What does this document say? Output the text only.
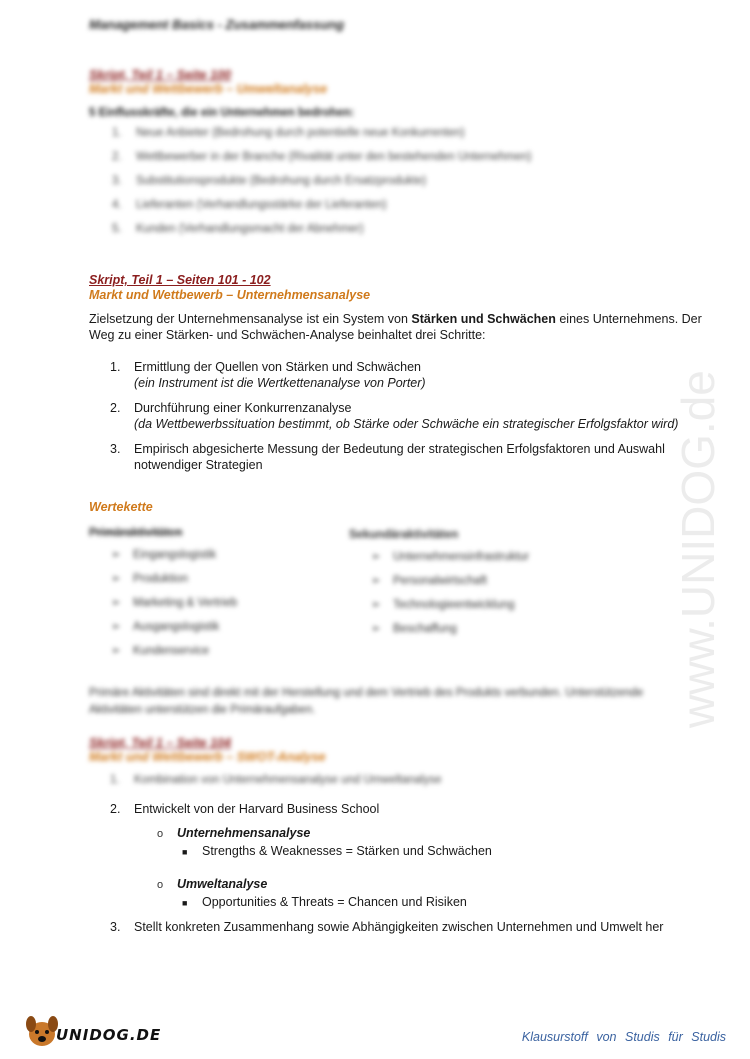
Management Basics - Zusammenfassung
Skript, Teil 1 – Seite 100
Markt und Wettbewerb – Umweltanalyse
5 Einflusskräfte, die ein Unternehmen bedrohen:
1.	Neue Anbieter (Bedrohung durch potentielle neue Konkurrenten)
2.	Wettbewerber in der Branche (Rivalität unter den bestehenden Unternehmen)
3.	Substitutionsprodukte (Bedrohung durch Ersatzprodukte)
4.	Lieferanten (Verhandlungsstärke der Lieferanten)
5.	Kunden (Verhandlungsmacht der Abnehmer)
Skript, Teil 1 – Seiten 101 - 102
Markt und Wettbewerb – Unternehmensanalyse
Zielsetzung der Unternehmensanalyse ist ein System von Stärken und Schwächen eines Unternehmens. Der Weg zu einer Stärken- und Schwächen-Analyse beinhaltet drei Schritte:
1.	Ermittlung der Quellen von Stärken und Schwächen
(ein Instrument ist die Wertkettenanalyse von Porter)
2.	Durchführung einer Konkurrenzanalyse
(da Wettbewerbssituation bestimmt, ob Stärke oder Schwäche ein strategischer Erfolgsfaktor wird)
3.	Empirisch abgesicherte Messung der Bedeutung der strategischen Erfolgsfaktoren und Auswahl notwendiger Strategien
Wertekette
Primäraktivitäten
➢ Eingangslogistik
➢ Produktion
➢ Marketing & Vertrieb
➢ Ausgangslogistik
➢ Kundenservice
Sekundäraktivitäten
➢ Unternehmensinfrastruktur
➢ Personalwirtschaft
➢ Technologieentwicklung
➢ Beschaffung
Primäre Aktivitäten sind direkt mit der Herstellung und dem Vertrieb des Produkts verbunden. Unterstützende Aktivitäten unterstützen die Primäraufgaben.
Skript, Teil 1 – Seite 104
Markt und Wettbewerb – SWOT-Analyse
1.	Kombination von Unternehmensanalyse und Umweltanalyse
2.	Entwickelt von der Harvard Business School
o Unternehmensanalyse
■ Strengths & Weaknesses = Stärken und Schwächen
o Umweltanalyse
■ Opportunities & Threats = Chancen und Risiken
3.	Stellt konkreten Zusammenhang sowie Abhängigkeiten zwischen Unternehmen und Umwelt her
www.UNIDOG.de
UNIDOG.DE	Klausurstoff von Studis für Studis
